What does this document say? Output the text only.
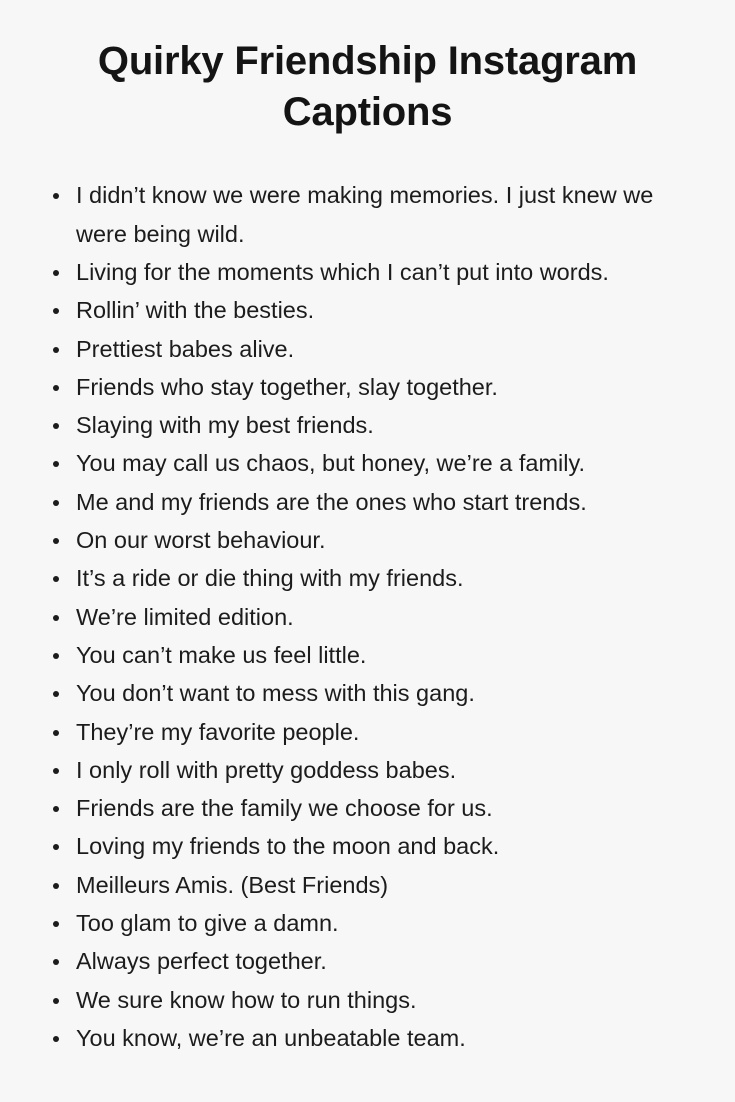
Quirky Friendship Instagram Captions
I didn’t know we were making memories. I just knew we were being wild.
Living for the moments which I can’t put into words.
Rollin’ with the besties.
Prettiest babes alive.
Friends who stay together, slay together.
Slaying with my best friends.
You may call us chaos, but honey, we’re a family.
Me and my friends are the ones who start trends.
On our worst behaviour.
It’s a ride or die thing with my friends.
We’re limited edition.
You can’t make us feel little.
You don’t want to mess with this gang.
They’re my favorite people.
I only roll with pretty goddess babes.
Friends are the family we choose for us.
Loving my friends to the moon and back.
Meilleurs Amis. (Best Friends)
Too glam to give a damn.
Always perfect together.
We sure know how to run things.
You know, we’re an unbeatable team.
